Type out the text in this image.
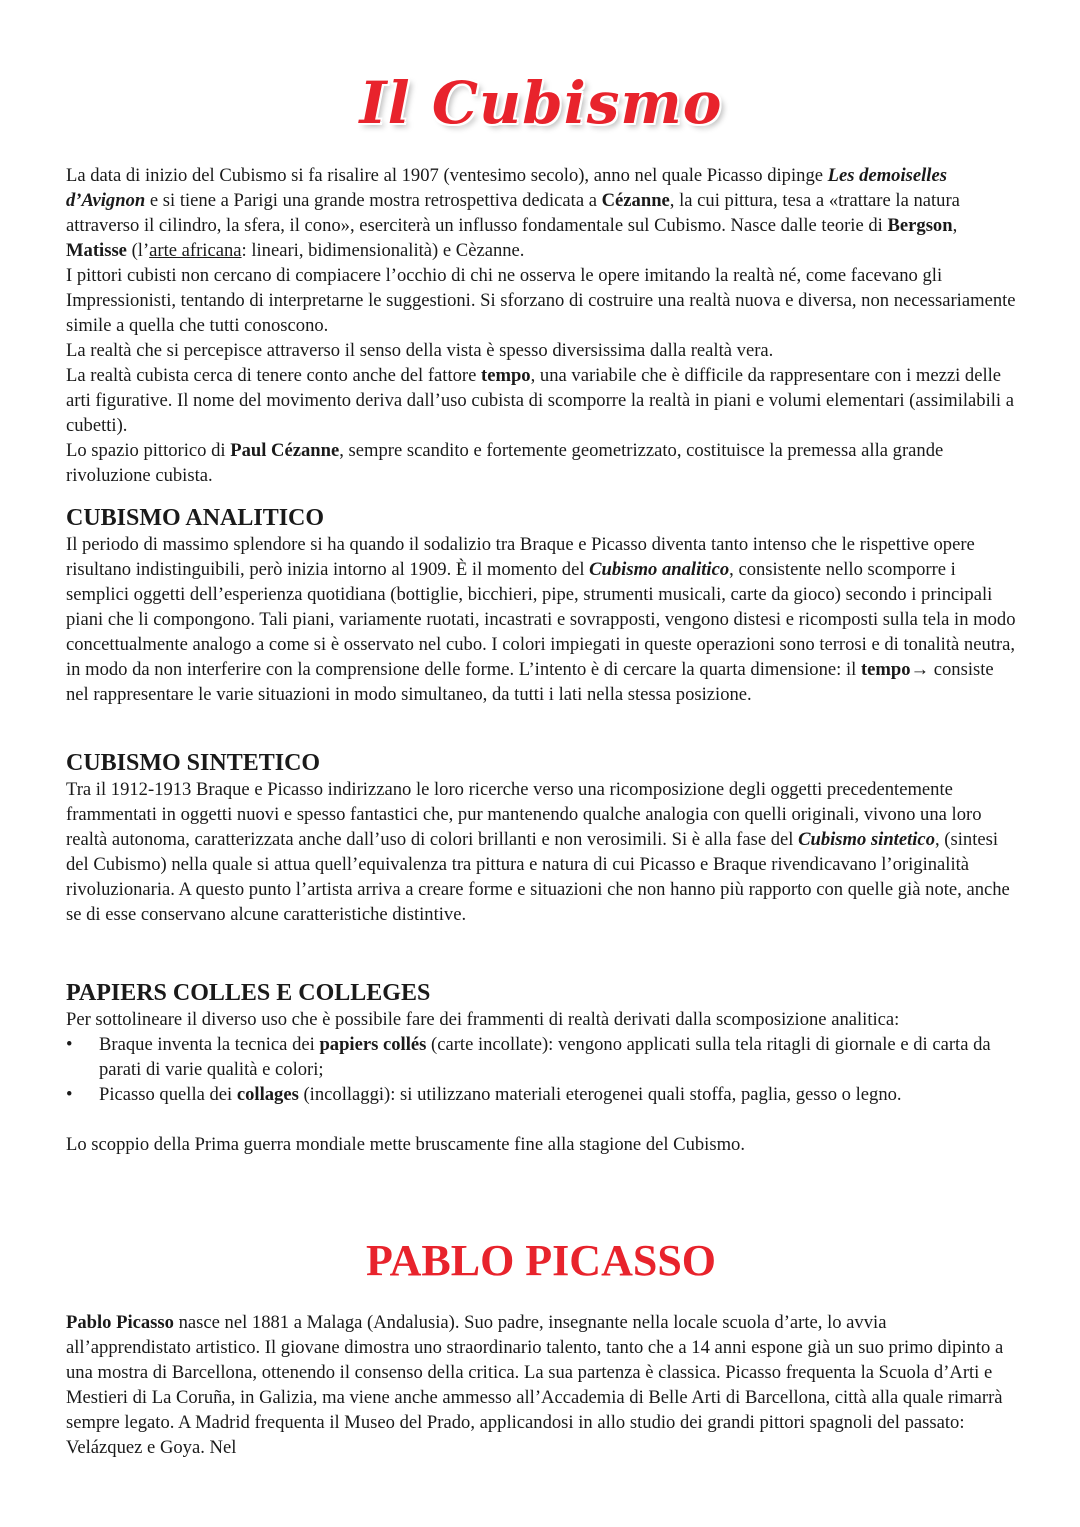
Il Cubismo

La data di inizio del Cubismo si fa risalire al 1907 (ventesimo secolo), anno nel quale Picasso dipinge Les demoiselles d’Avignon e si tiene a Parigi una grande mostra retrospettiva dedicata a Cézanne, la cui pittura, tesa a «trattare la natura attraverso il cilindro, la sfera, il cono», eserciterà un influsso fondamentale sul Cubismo. Nasce dalle teorie di Bergson, Matisse (l’arte africana: lineari, bidimensionalità) e Cèzanne.

I pittori cubisti non cercano di compiacere l’occhio di chi ne osserva le opere imitando la realtà né, come facevano gli Impressionisti, tentando di interpretarne le suggestioni. Si sforzano di costruire una realtà nuova e diversa, non necessariamente simile a quella che tutti conoscono.

La realtà che si percepisce attraverso il senso della vista è spesso diversissima dalla realtà vera.

La realtà cubista cerca di tenere conto anche del fattore tempo, una variabile che è difficile da rappresentare con i mezzi delle arti figurative. Il nome del movimento deriva dall’uso cubista di scomporre la realtà in piani e volumi elementari (assimilabili a cubetti).

Lo spazio pittorico di Paul Cézanne, sempre scandito e fortemente geometrizzato, costituisce la premessa alla grande rivoluzione cubista.

CUBISMO ANALITICO

Il periodo di massimo splendore si ha quando il sodalizio tra Braque e Picasso diventa tanto intenso che le rispettive opere risultano indistinguibili, però inizia intorno al 1909. È il momento del Cubismo analitico, consistente nello scomporre i semplici oggetti dell’esperienza quotidiana (bottiglie, bicchieri, pipe, strumenti musicali, carte da gioco) secondo i principali piani che li compongono. Tali piani, variamente ruotati, incastrati e sovrapposti, vengono distesi e ricomposti sulla tela in modo concettualmente analogo a come si è osservato nel cubo. I colori impiegati in queste operazioni sono terrosi e di tonalità neutra, in modo da non interferire con la comprensione delle forme. L’intento è di cercare la quarta dimensione: il tempo→ consiste nel rappresentare le varie situazioni in modo simultaneo, da tutti i lati nella stessa posizione.

CUBISMO SINTETICO

Tra il 1912-1913 Braque e Picasso indirizzano le loro ricerche verso una ricomposizione degli oggetti precedentemente frammentati in oggetti nuovi e spesso fantastici che, pur mantenendo qualche analogia con quelli originali, vivono una loro realtà autonoma, caratterizzata anche dall’uso di colori brillanti e non verosimili. Si è alla fase del Cubismo sintetico, (sintesi del Cubismo) nella quale si attua quell’equivalenza tra pittura e natura di cui Picasso e Braque rivendicavano l’originalità rivoluzionaria. A questo punto l’artista arriva a creare forme e situazioni che non hanno più rapporto con quelle già note, anche se di esse conservano alcune caratteristiche distintive.

PAPIERS COLLES E COLLEGES

Per sottolineare il diverso uso che è possibile fare dei frammenti di realtà derivati dalla scomposizione analitica:

• Braque inventa la tecnica dei papiers collés (carte incollate): vengono applicati sulla tela ritagli di giornale e di carta da parati di varie qualità e colori;
• Picasso quella dei collages (incollaggi): si utilizzano materiali eterogenei quali stoffa, paglia, gesso o legno.

Lo scoppio della Prima guerra mondiale mette bruscamente fine alla stagione del Cubismo.

PABLO PICASSO

Pablo Picasso nasce nel 1881 a Malaga (Andalusia). Suo padre, insegnante nella locale scuola d’arte, lo avvia all’apprendistato artistico. Il giovane dimostra uno straordinario talento, tanto che a 14 anni espone già un suo primo dipinto a una mostra di Barcellona, ottenendo il consenso della critica. La sua partenza è classica. Picasso frequenta la Scuola d’Arti e Mestieri di La Coruña, in Galizia, ma viene anche ammesso all’Accademia di Belle Arti di Barcellona, città alla quale rimarrà sempre legato. A Madrid frequenta il Museo del Prado, applicandosi in allo studio dei grandi pittori spagnoli del passato: Velázquez e Goya. Nel
